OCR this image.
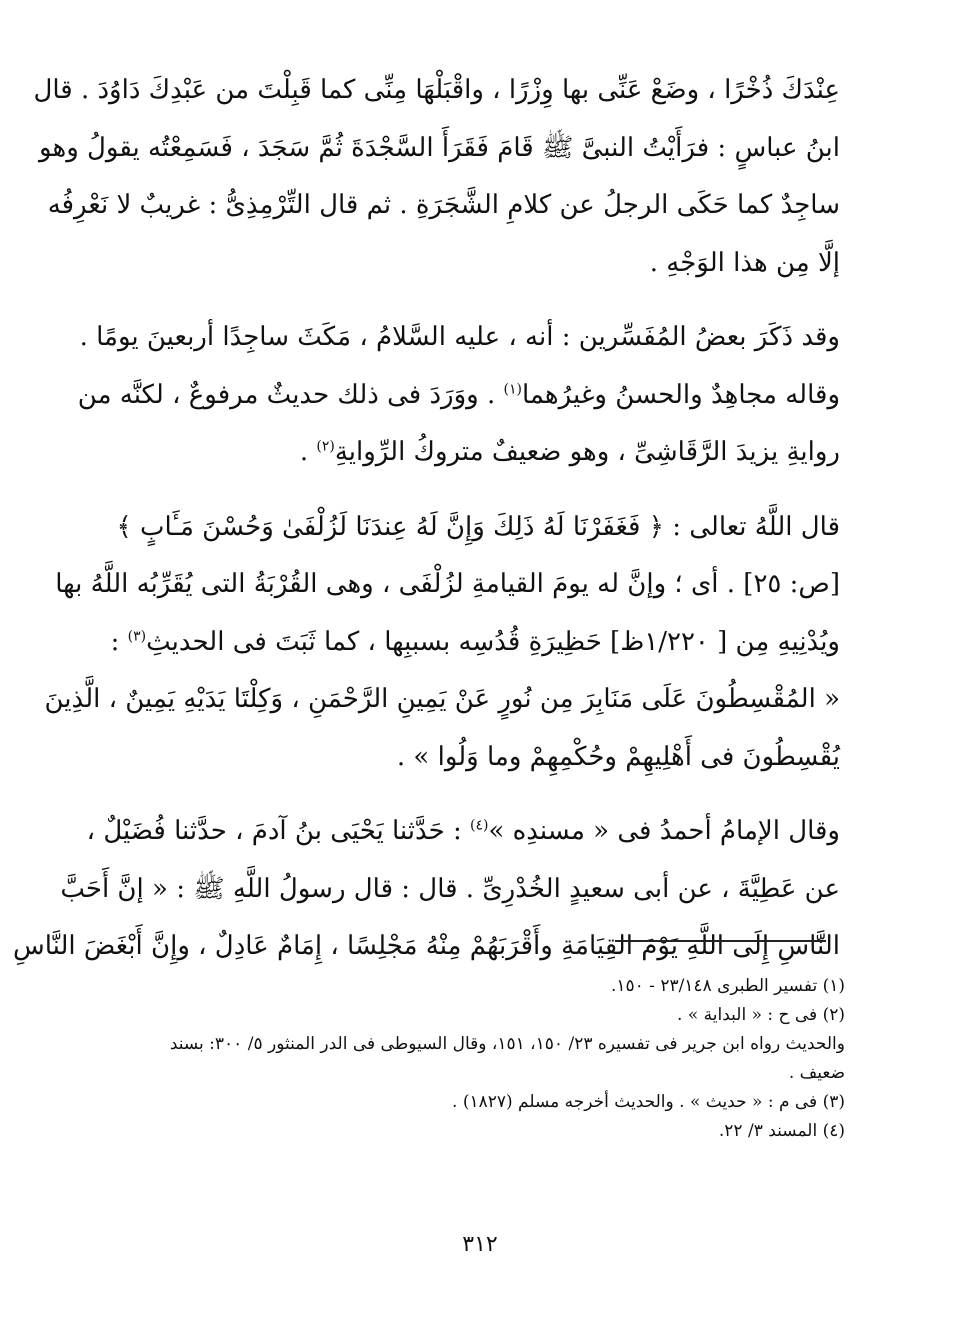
عِنْدَكَ ذُخْرًا ، وضَعْ عَنِّى بها وِزْرًا ، واقْبَلْهَا مِنِّى كما قَبِلْتَ من عَبْدِكَ دَاوُدَ . قال
ابنُ عباسٍ : فرَأَيْتُ النبىَّ ﷺ قَامَ فَقَرَأَ السَّجْدَةَ ثُمَّ سَجَدَ ، فَسَمِعْتُه يقولُ وهو
ساجِدٌ كما حَكَى الرجلُ عن كلامِ الشَّجَرَةِ . ثم قال التِّرْمِذِىُّ : غريبٌ لا نَعْرِفُه
إلَّا مِن هذا الوَجْهِ .
وقد ذَكَرَ بعضُ المُفَسِّرين : أنه ، عليه السَّلامُ ، مَكَثَ ساجِدًا أربعينَ يومًا .
وقاله مجاهِدٌ والحسنُ وغيرُهما$^{(١)}$ . ووَرَدَ فى ذلك حديثٌ مرفوعٌ ، لكنَّه من
روايةِ يزيدَ الرَّقَاشِىِّ ، وهو ضعيفٌ متروكُ الرِّوايةِ$^{(٢)}$ .
قال اللَّهُ تعالى : ﴿ فَغَفَرْنَا لَهُ ذَلِكَ وَإِنَّ لَهُ عِندَنَا لَزُلْفَىٰ وَحُسْنَ مَـَٔابٍ ﴾
[ص: ٢٥] . أى ؛ وإنَّ له يومَ القيامةِ لزُلْفَى ، وهى القُرْبَةُ التى يُقَرِّبُه اللَّهُ بها
ويُدْنِيهِ مِن [ ١/٢٢٠ظ] حَظِيرَةِ قُدُسِه بسببِها ، كما ثَبَتَ فى الحديثِ$^{(٣)}$ :
« المُقْسِطُونَ عَلَى مَنَابِرَ مِن نُورٍ عَنْ يَمِينِ الرَّحْمَنِ ، وَكِلْتَا يَدَيْهِ يَمِينٌ ، الَّذِينَ
يُقْسِطُونَ فى أَهْلِيهِمْ وحُكْمِهِمْ وما وَلُوا » .
وقال الإمامُ أحمدُ فى « مسندِه »$^{(٤)}$ : حَدَّثنا يَحْيَى بنُ آدمَ ، حدَّثنا فُضَيْلٌ ،
عن عَطِيَّةَ ، عن أبى سعيدٍ الخُدْرِىِّ . قال : قال رسولُ اللَّهِ ﷺ : « إنَّ أَحَبَّ
النَّاسِ إِلَى اللَّهِ يَوْمَ القِيَامَةِ وأَقْرَبَهُمْ مِنْهُ مَجْلِسًا ، إِمَامٌ عَادِلٌ ، وإِنَّ أَبْغَضَ النَّاسِ
(١) تفسير الطبرى ٢٣/١٤٨ - ١٥٠.
(٢) فى ح : « البداية » .
والحديث رواه ابن جرير فى تفسيره ٢٣/ ١٥٠، ١٥١، وقال السيوطى فى الدر المنثور ٥/ ٣٠٠: بسند
ضعيف .
(٣) فى م : « حديث » . والحديث أخرجه مسلم (١٨٢٧) .
(٤) المسند ٣/ ٢٢.
٣١٢
